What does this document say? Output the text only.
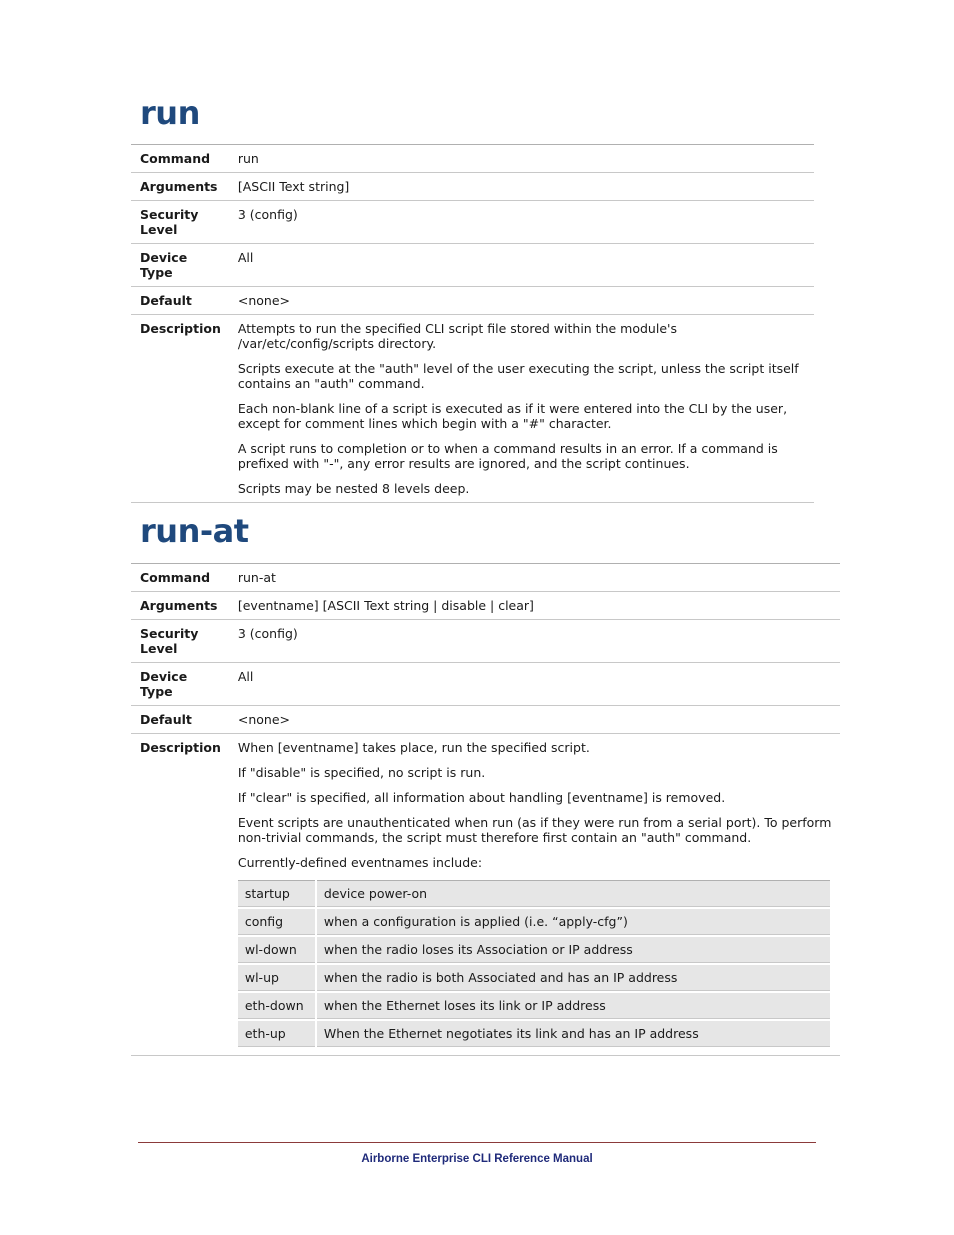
run
Command	run
Arguments	[ASCII Text string]
Security Level	3 (config)
Device Type	All
Default	<none>
Description	Attempts to run the specified CLI script file stored within the module's /var/etc/config/scripts directory.

Scripts execute at the "auth" level of the user executing the script, unless the script itself contains an "auth" command.

Each non-blank line of a script is executed as if it were entered into the CLI by the user, except for comment lines which begin with a "#" character.

A script runs to completion or to when a command results in an error. If a command is prefixed with "-", any error results are ignored, and the script continues.

Scripts may be nested 8 levels deep.

run-at
Command	run-at
Arguments	[eventname] [ASCII Text string | disable | clear]
Security Level	3 (config)
Device Type	All
Default	<none>
Description	When [eventname] takes place, run the specified script.

If "disable" is specified, no script is run.

If "clear" is specified, all information about handling [eventname] is removed.

Event scripts are unauthenticated when run (as if they were run from a serial port). To perform non-trivial commands, the script must therefore first contain an "auth" command.

Currently-defined eventnames include:

startup	device power-on
config	when a configuration is applied (i.e. “apply-cfg”)
wl-down	when the radio loses its Association or IP address
wl-up	when the radio is both Associated and has an IP address
eth-down	when the Ethernet loses its link or IP address
eth-up	When the Ethernet negotiates its link and has an IP address
Airborne Enterprise CLI Reference Manual
